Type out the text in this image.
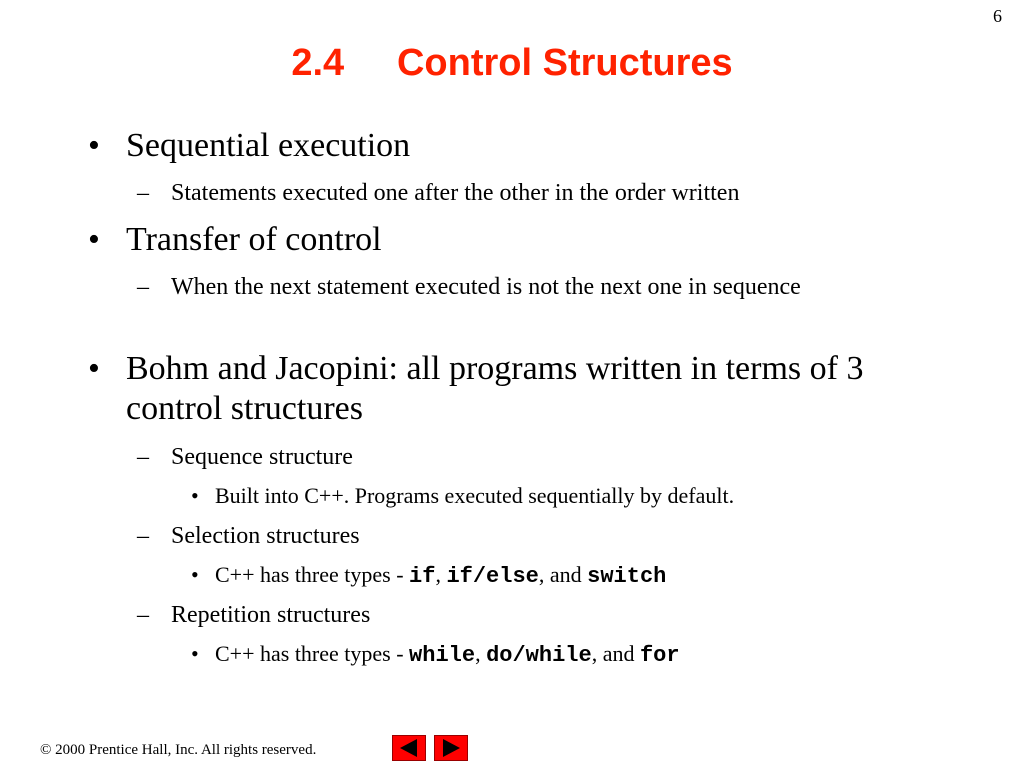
6
2.4     Control Structures

• Sequential execution

– Statements executed one after the other in the order written

• Transfer of control

– When the next statement executed is not the next one in sequence

• Bohm and Jacopini: all programs written in terms of 3 control structures

– Sequence structure

• Built into C++. Programs executed sequentially by default.

– Selection structures

• C++ has three types - if, if/else, and switch

– Repetition structures

• C++ has three types - while, do/while, and for

© 2000 Prentice Hall, Inc. All rights reserved.
